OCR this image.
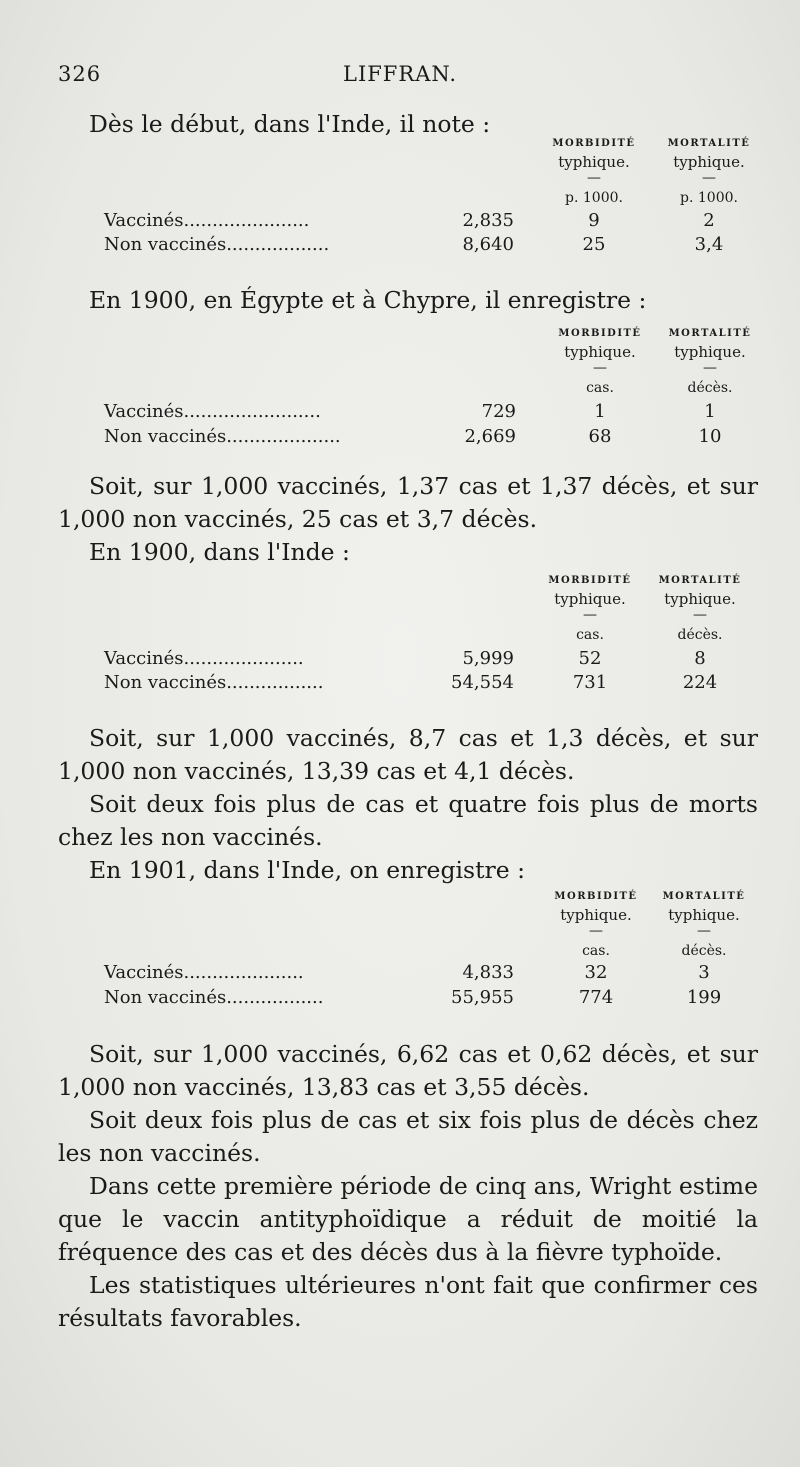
326	LIFFRAN.

Dès le début, dans l'Inde, il note :

MORBIDITÉ
typhique.
—
p. 1000.
MORTALITÉ
typhique.
—
p. 1000.
Vaccinés......................	2,835	9	2
Non vaccinés..................	8,640	25	3,4

En 1900, en Égypte et à Chypre, il enregistre :

MORBIDITÉ
typhique.
—
cas.
MORTALITÉ
typhique.
—
décès.
Vaccinés........................	729	1	1
Non vaccinés....................	2,669	68	10

Soit, sur 1,000 vaccinés, 1,37 cas et 1,37 décès, et sur 1,000 non vaccinés, 25 cas et 3,7 décès.

En 1900, dans l'Inde :

MORBIDITÉ
typhique.
—
cas.
MORTALITÉ
typhique.
—
décès.
Vaccinés.....................	5,999	52	8
Non vaccinés.................	54,554	731	224

Soit, sur 1,000 vaccinés, 8,7 cas et 1,3 décès, et sur 1,000 non vaccinés, 13,39 cas et 4,1 décès.

Soit deux fois plus de cas et quatre fois plus de morts chez les non vaccinés.

En 1901, dans l'Inde, on enregistre :

MORBIDITÉ
typhique.
—
cas.
MORTALITÉ
typhique.
—
décès.
Vaccinés.....................	4,833	32	3
Non vaccinés.................	55,955	774	199

Soit, sur 1,000 vaccinés, 6,62 cas et 0,62 décès, et sur 1,000 non vaccinés, 13,83 cas et 3,55 décès.

Soit deux fois plus de cas et six fois plus de décès chez les non vaccinés.

Dans cette première période de cinq ans, Wright estime que le vaccin antityphoïdique a réduit de moitié la fréquence des cas et des décès dus à la fièvre typhoïde.

Les statistiques ultérieures n'ont fait que confirmer ces résultats favorables.
